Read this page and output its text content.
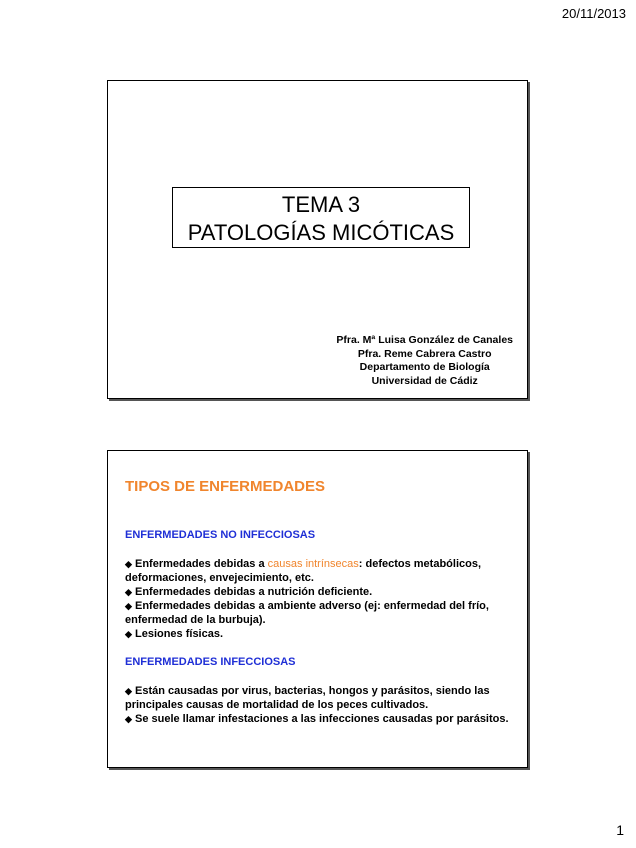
20/11/2013
TEMA 3
PATOLOGÍAS MICÓTICAS
Pfra. Mª Luisa González de Canales
Pfra. Reme Cabrera Castro
Departamento de Biología
Universidad de Cádiz
TIPOS DE ENFERMEDADES
ENFERMEDADES NO INFECCIOSAS
◆ Enfermedades debidas a causas intrínsecas: defectos metabólicos, deformaciones, envejecimiento, etc.
◆ Enfermedades debidas a nutrición deficiente.
◆ Enfermedades debidas a ambiente adverso (ej: enfermedad del frío, enfermedad de la burbuja).
◆ Lesiones físicas.
ENFERMEDADES INFECCIOSAS
◆ Están causadas por virus, bacterias, hongos y parásitos, siendo las principales causas de mortalidad de los peces cultivados.
◆ Se suele llamar infestaciones a las infecciones causadas por parásitos.
1
